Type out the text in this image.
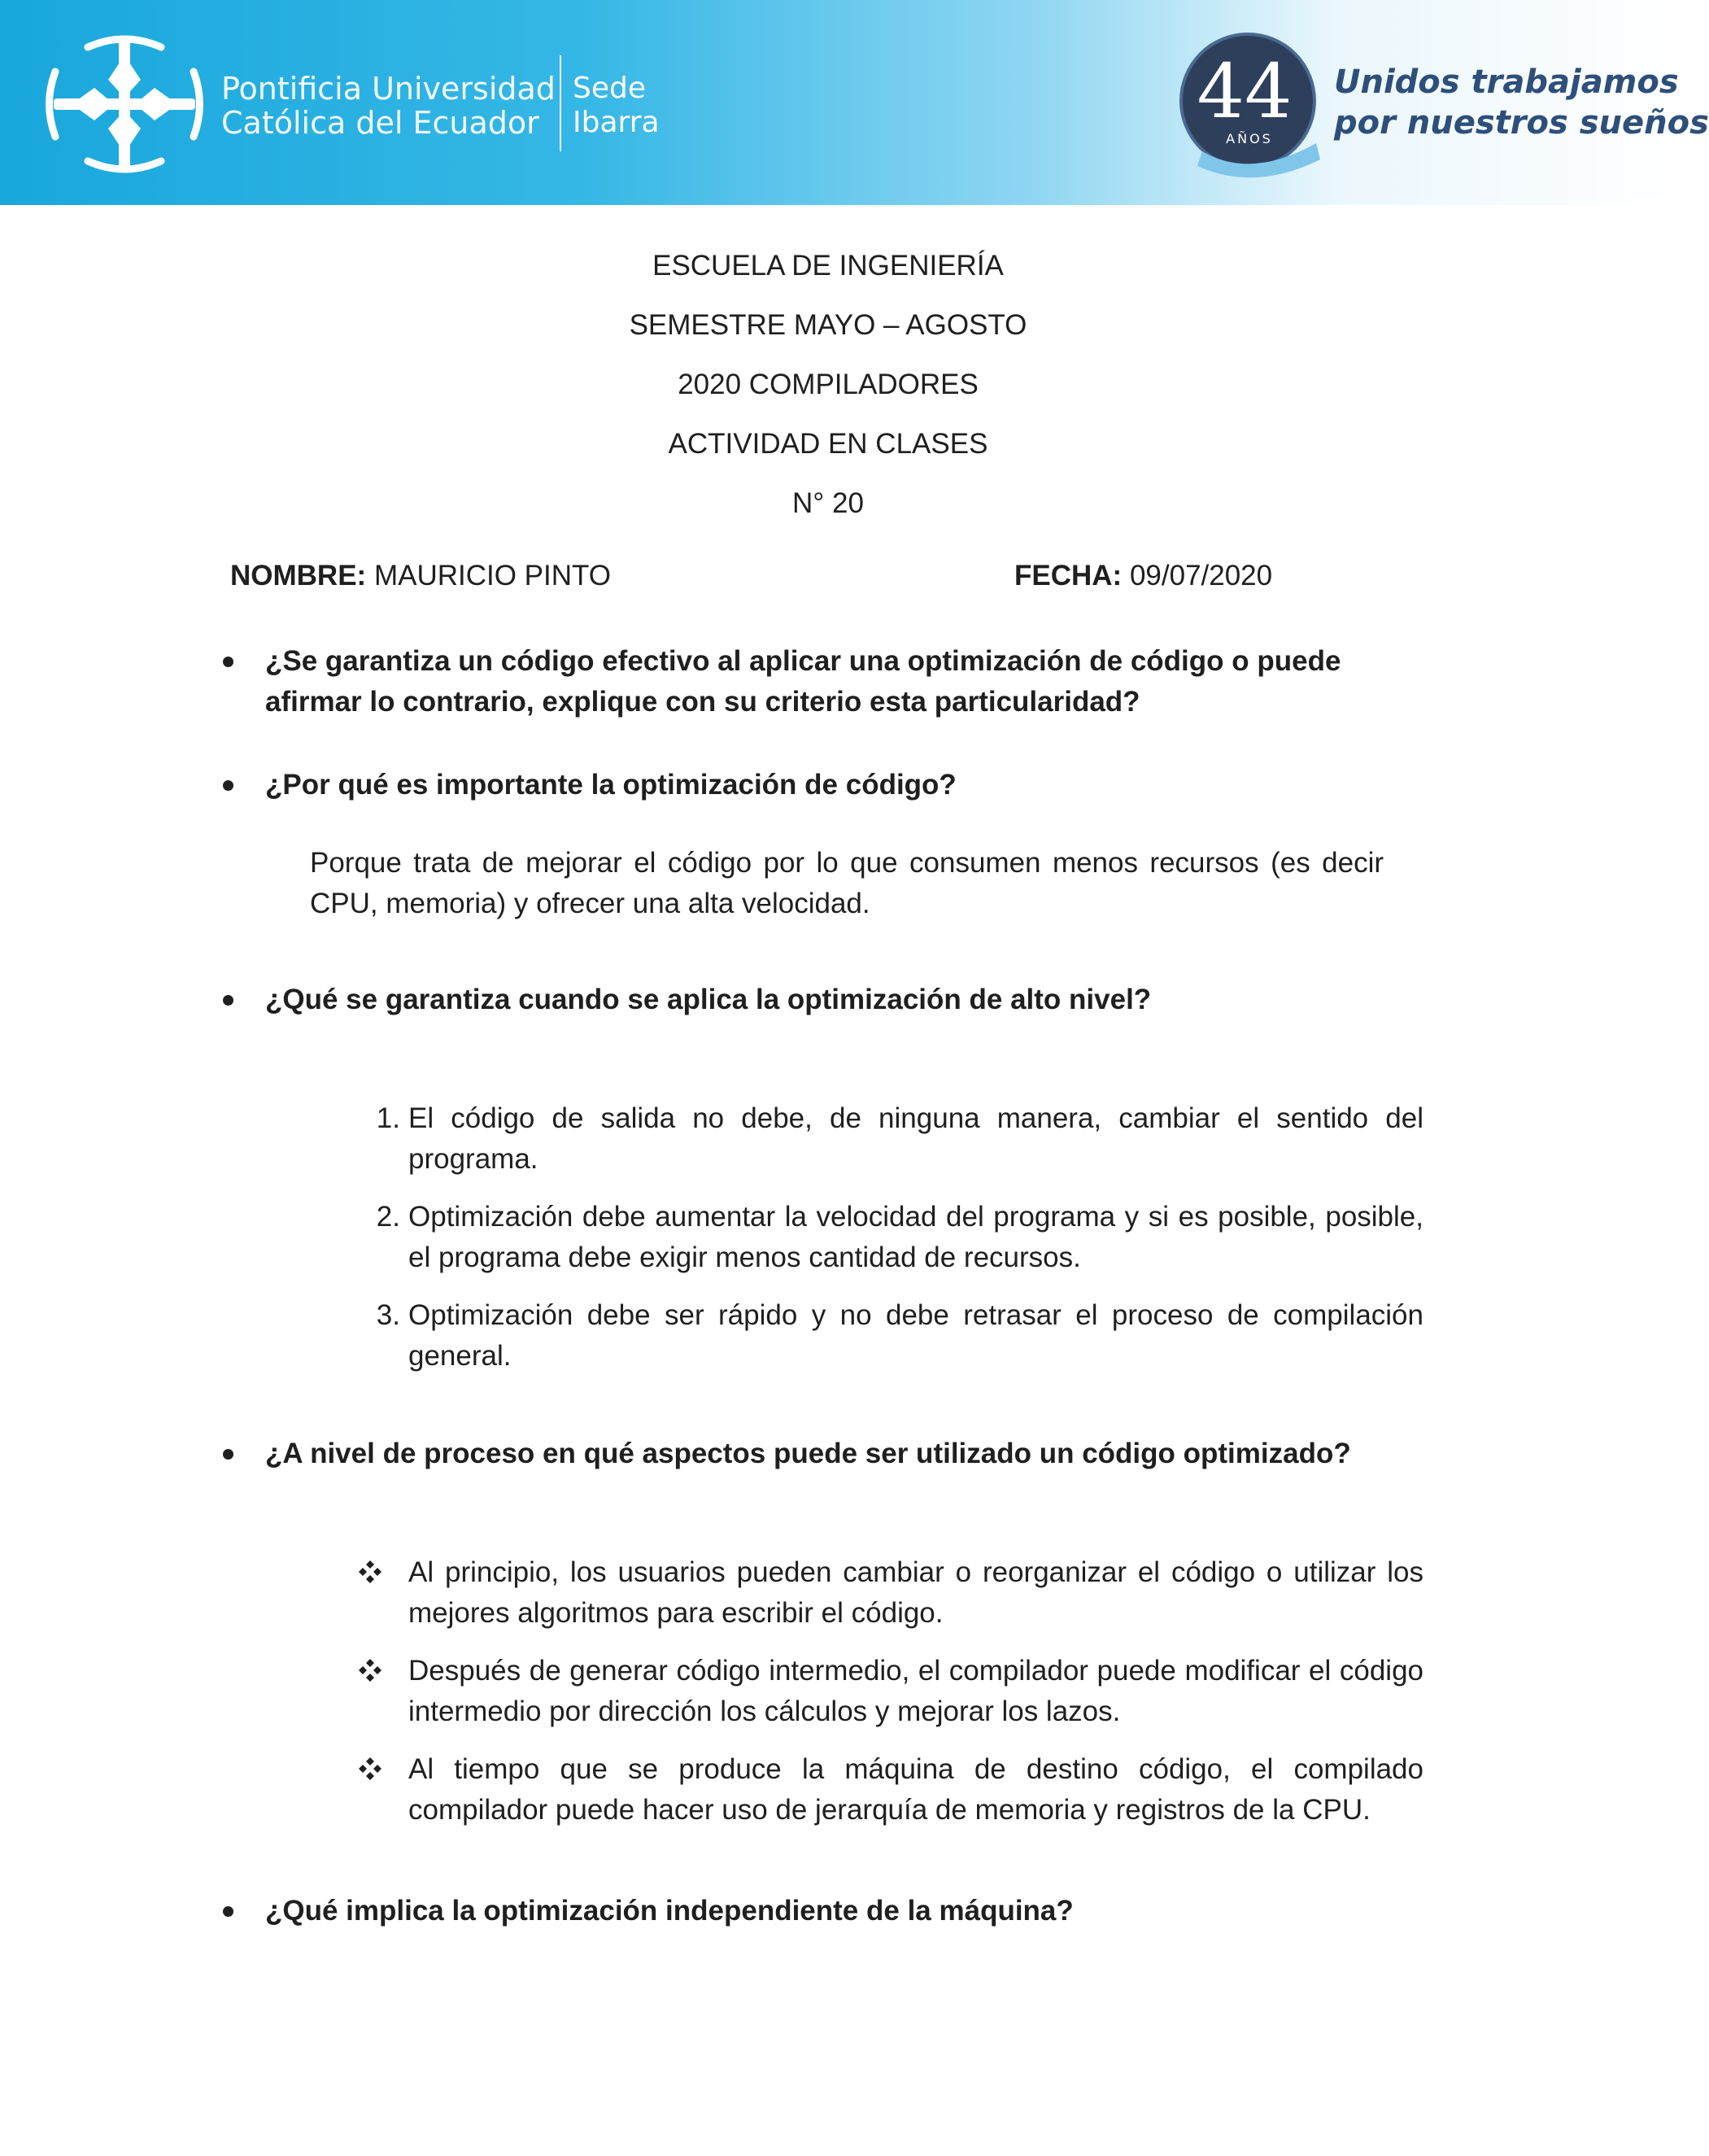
Pontificia Universidad
Católica del Ecuador
Sede
Ibarra	44
AÑOS
Unidos trabajamos
por nuestros sueños
ESCUELA DE INGENIERÍA
SEMESTRE MAYO – AGOSTO
2020 COMPILADORES
ACTIVIDAD EN CLASES
N° 20
NOMBRE: MAURICIO PINTO	FECHA: 09/07/2020
¿Se garantiza un código efectivo al aplicar una optimización de código o puede afirmar lo contrario, explique con su criterio esta particularidad?
¿Por qué es importante la optimización de código?
Porque trata de mejorar el código por lo que consumen menos recursos (es decir CPU, memoria) y ofrecer una alta velocidad.
¿Qué se garantiza cuando se aplica la optimización de alto nivel?
1. El código de salida no debe, de ninguna manera, cambiar el sentido del programa.
2. Optimización debe aumentar la velocidad del programa y si es posible, posible, el programa debe exigir menos cantidad de recursos.
3. Optimización debe ser rápido y no debe retrasar el proceso de compilación general.
¿A nivel de proceso en qué aspectos puede ser utilizado un código optimizado?
Al principio, los usuarios pueden cambiar o reorganizar el código o utilizar los mejores algoritmos para escribir el código.
Después de generar código intermedio, el compilador puede modificar el código intermedio por dirección los cálculos y mejorar los lazos.
Al tiempo que se produce la máquina de destino código, el compilado compilador puede hacer uso de jerarquía de memoria y registros de la CPU.
¿Qué implica la optimización independiente de la máquina?
